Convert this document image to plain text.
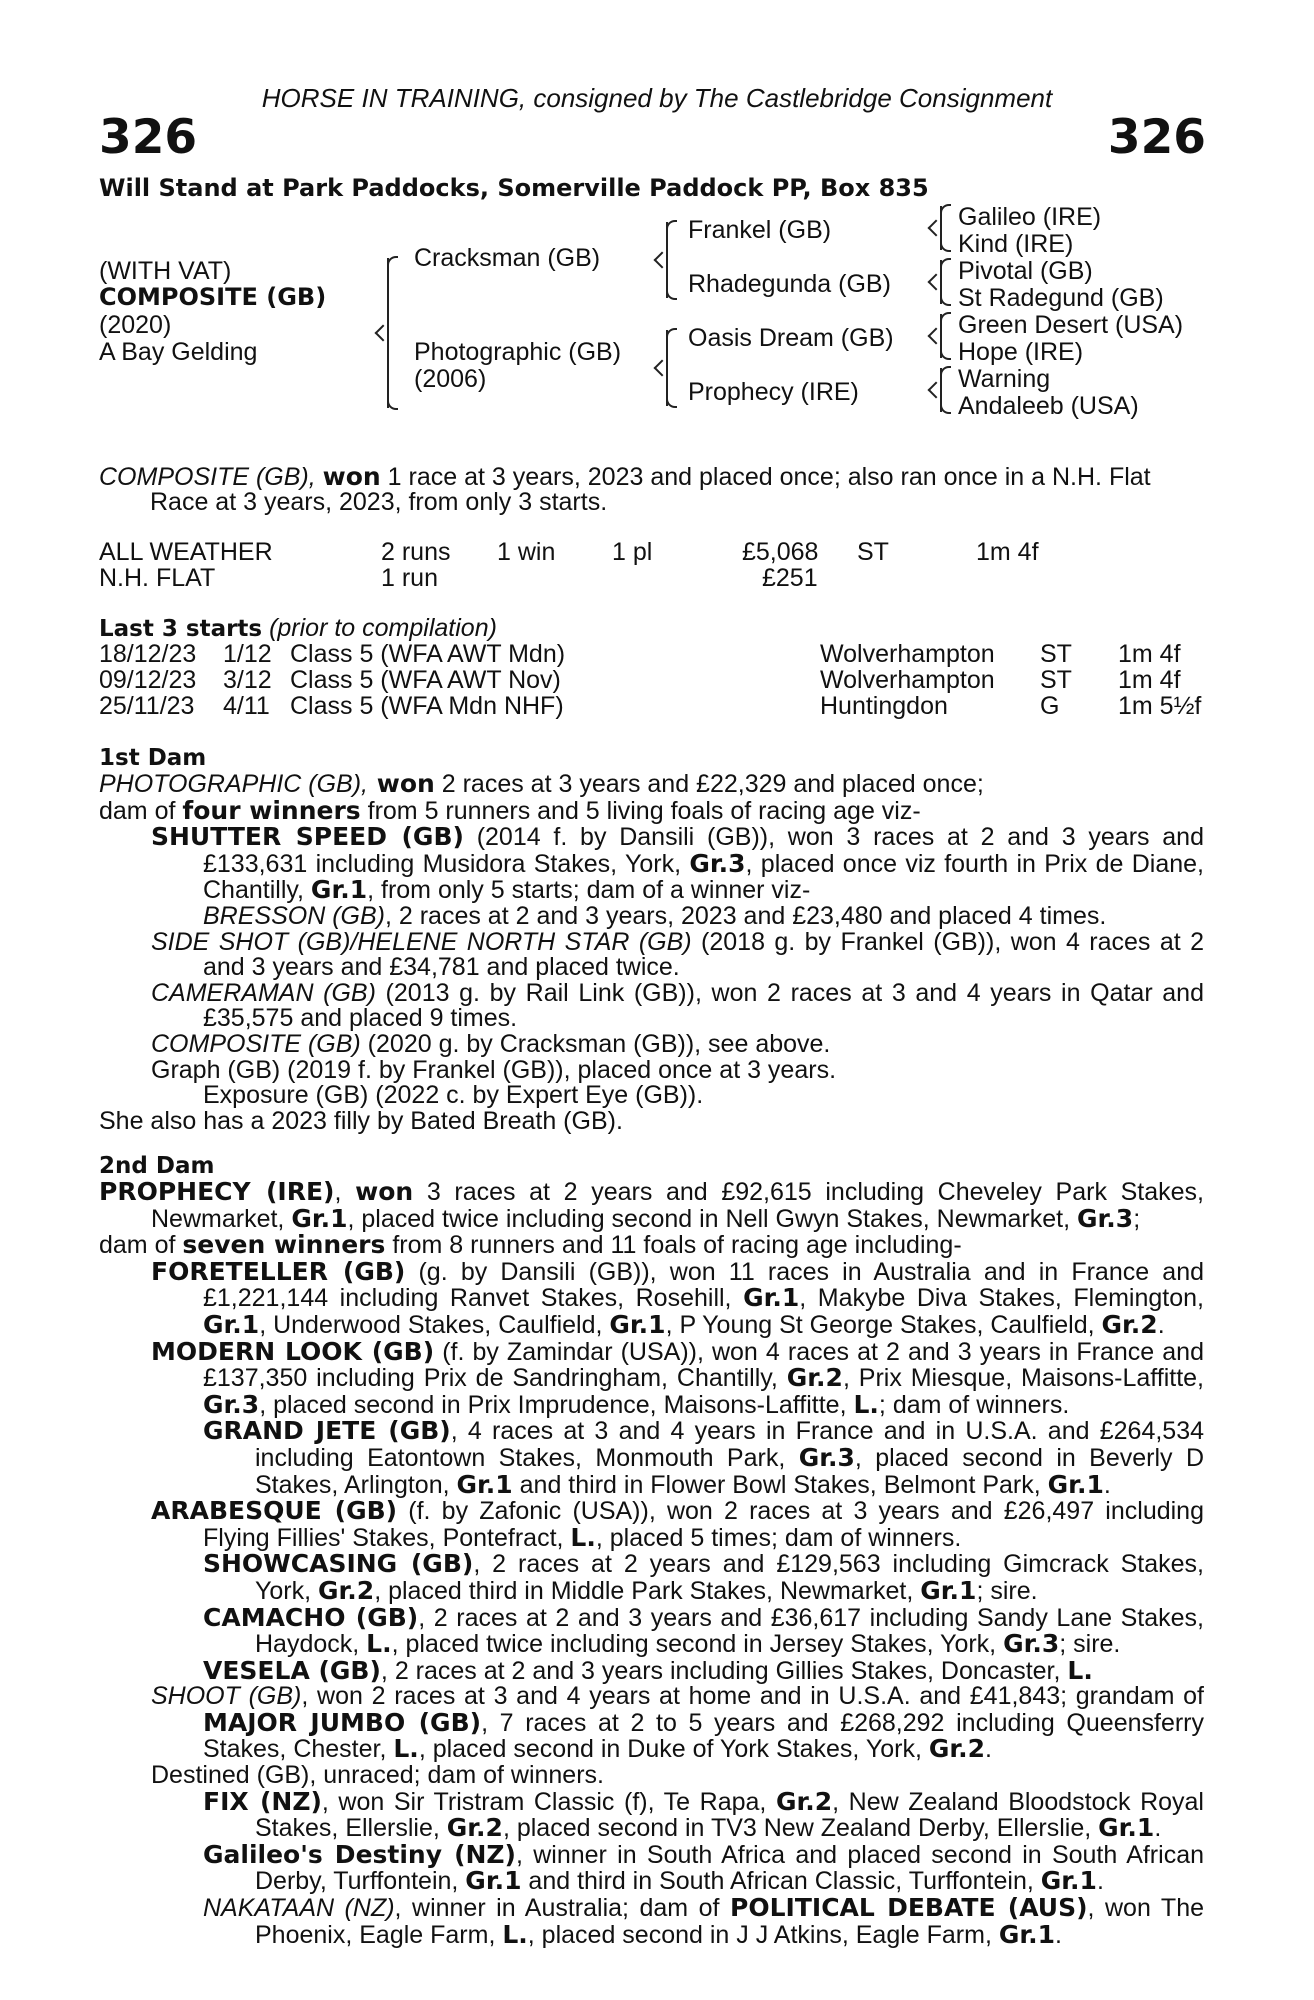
HORSE IN TRAINING, consigned by The Castlebridge Consignment
326	326
Will Stand at Park Paddocks, Somerville Paddock PP, Box 835
(WITH VAT)
COMPOSITE (GB)
(2020)
A Bay Gelding
Cracksman (GB)
Photographic (GB)
(2006)
Frankel (GB)
Rhadegunda (GB)
Oasis Dream (GB)
Prophecy (IRE)
Galileo (IRE)
Kind (IRE)
Pivotal (GB)
St Radegund (GB)
Green Desert (USA)
Hope (IRE)
Warning
Andaleeb (USA)
COMPOSITE (GB), won 1 race at 3 years, 2023 and placed once; also ran once in a N.H. Flat
Race at 3 years, 2023, from only 3 starts.
Last 3 starts (prior to compilation)
1st Dam
2nd Dam
ALL WEATHER	2 runs 1 win 1 pl	£5,068 ST	1m 4f
N.H. FLAT	1 run	£251
18/12/23 1/12 Class 5 (WFA AWT Mdn)	Wolverhampton ST 1m 4f
09/12/23 3/12 Class 5 (WFA AWT Nov)	Wolverhampton ST 1m 4f
25/11/23 4/11 Class 5 (WFA Mdn NHF)	Huntingdon	G 1m 5½f

PHOTOGRAPHIC (GB), won 2 races at 3 years and £22,329 and placed once;

dam of four winners from 5 runners and 5 living foals of racing age viz-

SHUTTER SPEED (GB) (2014 f. by Dansili (GB)), won 3 races at 2 and 3 years and £133,631 including Musidora Stakes, York, Gr.3, placed once viz fourth in Prix de Diane, Chantilly, Gr.1, from only 5 starts; dam of a winner viz-

BRESSON (GB), 2 races at 2 and 3 years, 2023 and £23,480 and placed 4 times.

SIDE SHOT (GB)/HELENE NORTH STAR (GB) (2018 g. by Frankel (GB)), won 4 races at 2 and 3 years and £34,781 and placed twice.

CAMERAMAN (GB) (2013 g. by Rail Link (GB)), won 2 races at 3 and 4 years in Qatar and £35,575 and placed 9 times.

COMPOSITE (GB) (2020 g. by Cracksman (GB)), see above.

Graph (GB) (2019 f. by Frankel (GB)), placed once at 3 years.

Exposure (GB) (2022 c. by Expert Eye (GB)).

She also has a 2023 filly by Bated Breath (GB).

PROPHECY (IRE), won 3 races at 2 years and £92,615 including Cheveley Park Stakes, Newmarket, Gr.1, placed twice including second in Nell Gwyn Stakes, Newmarket, Gr.3;

dam of seven winners from 8 runners and 11 foals of racing age including-

FORETELLER (GB) (g. by Dansili (GB)), won 11 races in Australia and in France and £1,221,144 including Ranvet Stakes, Rosehill, Gr.1, Makybe Diva Stakes, Flemington, Gr.1, Underwood Stakes, Caulfield, Gr.1, P Young St George Stakes, Caulfield, Gr.2.

MODERN LOOK (GB) (f. by Zamindar (USA)), won 4 races at 2 and 3 years in France and £137,350 including Prix de Sandringham, Chantilly, Gr.2, Prix Miesque, Maisons-Laffitte, Gr.3, placed second in Prix Imprudence, Maisons-Laffitte, L.; dam of winners.

GRAND JETE (GB), 4 races at 3 and 4 years in France and in U.S.A. and £264,534 including Eatontown Stakes, Monmouth Park, Gr.3, placed second in Beverly D Stakes, Arlington, Gr.1 and third in Flower Bowl Stakes, Belmont Park, Gr.1.

ARABESQUE (GB) (f. by Zafonic (USA)), won 2 races at 3 years and £26,497 including Flying Fillies' Stakes, Pontefract, L., placed 5 times; dam of winners.

SHOWCASING (GB), 2 races at 2 years and £129,563 including Gimcrack Stakes, York, Gr.2, placed third in Middle Park Stakes, Newmarket, Gr.1; sire.

CAMACHO (GB), 2 races at 2 and 3 years and £36,617 including Sandy Lane Stakes, Haydock, L., placed twice including second in Jersey Stakes, York, Gr.3; sire.

VESELA (GB), 2 races at 2 and 3 years including Gillies Stakes, Doncaster, L.

SHOOT (GB), won 2 races at 3 and 4 years at home and in U.S.A. and £41,843; grandam of MAJOR JUMBO (GB), 7 races at 2 to 5 years and £268,292 including Queensferry Stakes, Chester, L., placed second in Duke of York Stakes, York, Gr.2.

Destined (GB), unraced; dam of winners.

FIX (NZ), won Sir Tristram Classic (f), Te Rapa, Gr.2, New Zealand Bloodstock Royal Stakes, Ellerslie, Gr.2, placed second in TV3 New Zealand Derby, Ellerslie, Gr.1.

Galileo's Destiny (NZ), winner in South Africa and placed second in South African Derby, Turffontein, Gr.1 and third in South African Classic, Turffontein, Gr.1.

NAKATAAN (NZ), winner in Australia; dam of POLITICAL DEBATE (AUS), won The Phoenix, Eagle Farm, L., placed second in J J Atkins, Eagle Farm, Gr.1.
